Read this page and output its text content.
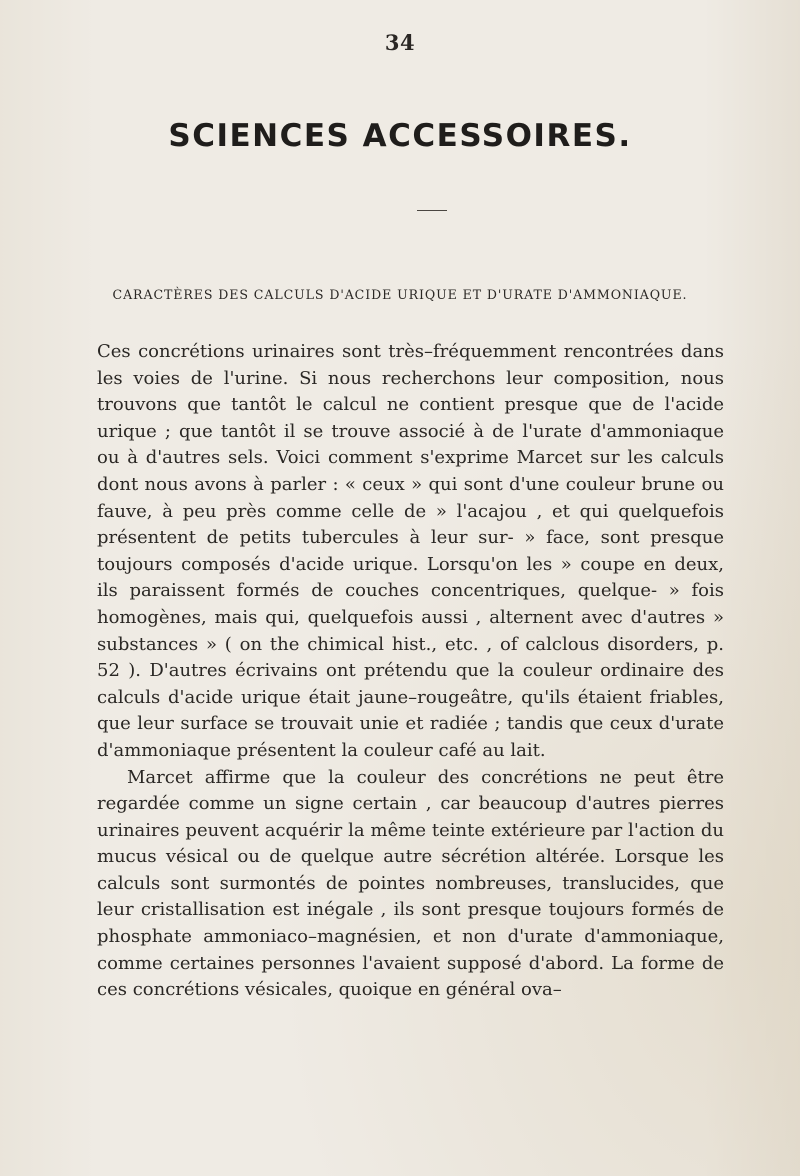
34
SCIENCES ACCESSOIRES.
CARACTÈRES DES CALCULS D'ACIDE URIQUE ET D'URATE D'AMMONIAQUE.

Ces concrétions urinaires sont très–fréquemment rencontrées dans les voies de l'urine. Si nous recherchons leur composition, nous trouvons que tantôt le calcul ne contient presque que de l'acide urique ; que tantôt il se trouve associé à de l'urate d'ammoniaque ou à d'autres sels. Voici comment s'exprime Marcet sur les calculs dont nous avons à parler : « ceux » qui sont d'une couleur brune ou fauve, à peu près comme celle de » l'acajou , et qui quelquefois présentent de petits tubercules à leur sur- » face, sont presque toujours composés d'acide urique. Lorsqu'on les » coupe en deux, ils paraissent formés de couches concentriques, quelque- » fois homogènes, mais qui, quelquefois aussi , alternent avec d'autres » substances » ( on the chimical hist., etc. , of calclous disorders, p. 52 ). D'autres écrivains ont prétendu que la couleur ordinaire des calculs d'acide urique était jaune–rougeâtre, qu'ils étaient friables, que leur surface se trouvait unie et radiée ; tandis que ceux d'urate d'ammoniaque présentent la couleur café au lait.

Marcet affirme que la couleur des concrétions ne peut être regardée comme un signe certain , car beaucoup d'autres pierres urinaires peuvent acquérir la même teinte extérieure par l'action du mucus vésical ou de quelque autre sécrétion altérée. Lorsque les calculs sont surmontés de pointes nombreuses, translucides, que leur cristallisation est inégale , ils sont presque toujours formés de phosphate ammoniaco–magnésien, et non d'urate d'ammoniaque, comme certaines personnes l'avaient supposé d'abord. La forme de ces concrétions vésicales, quoique en général ova–
